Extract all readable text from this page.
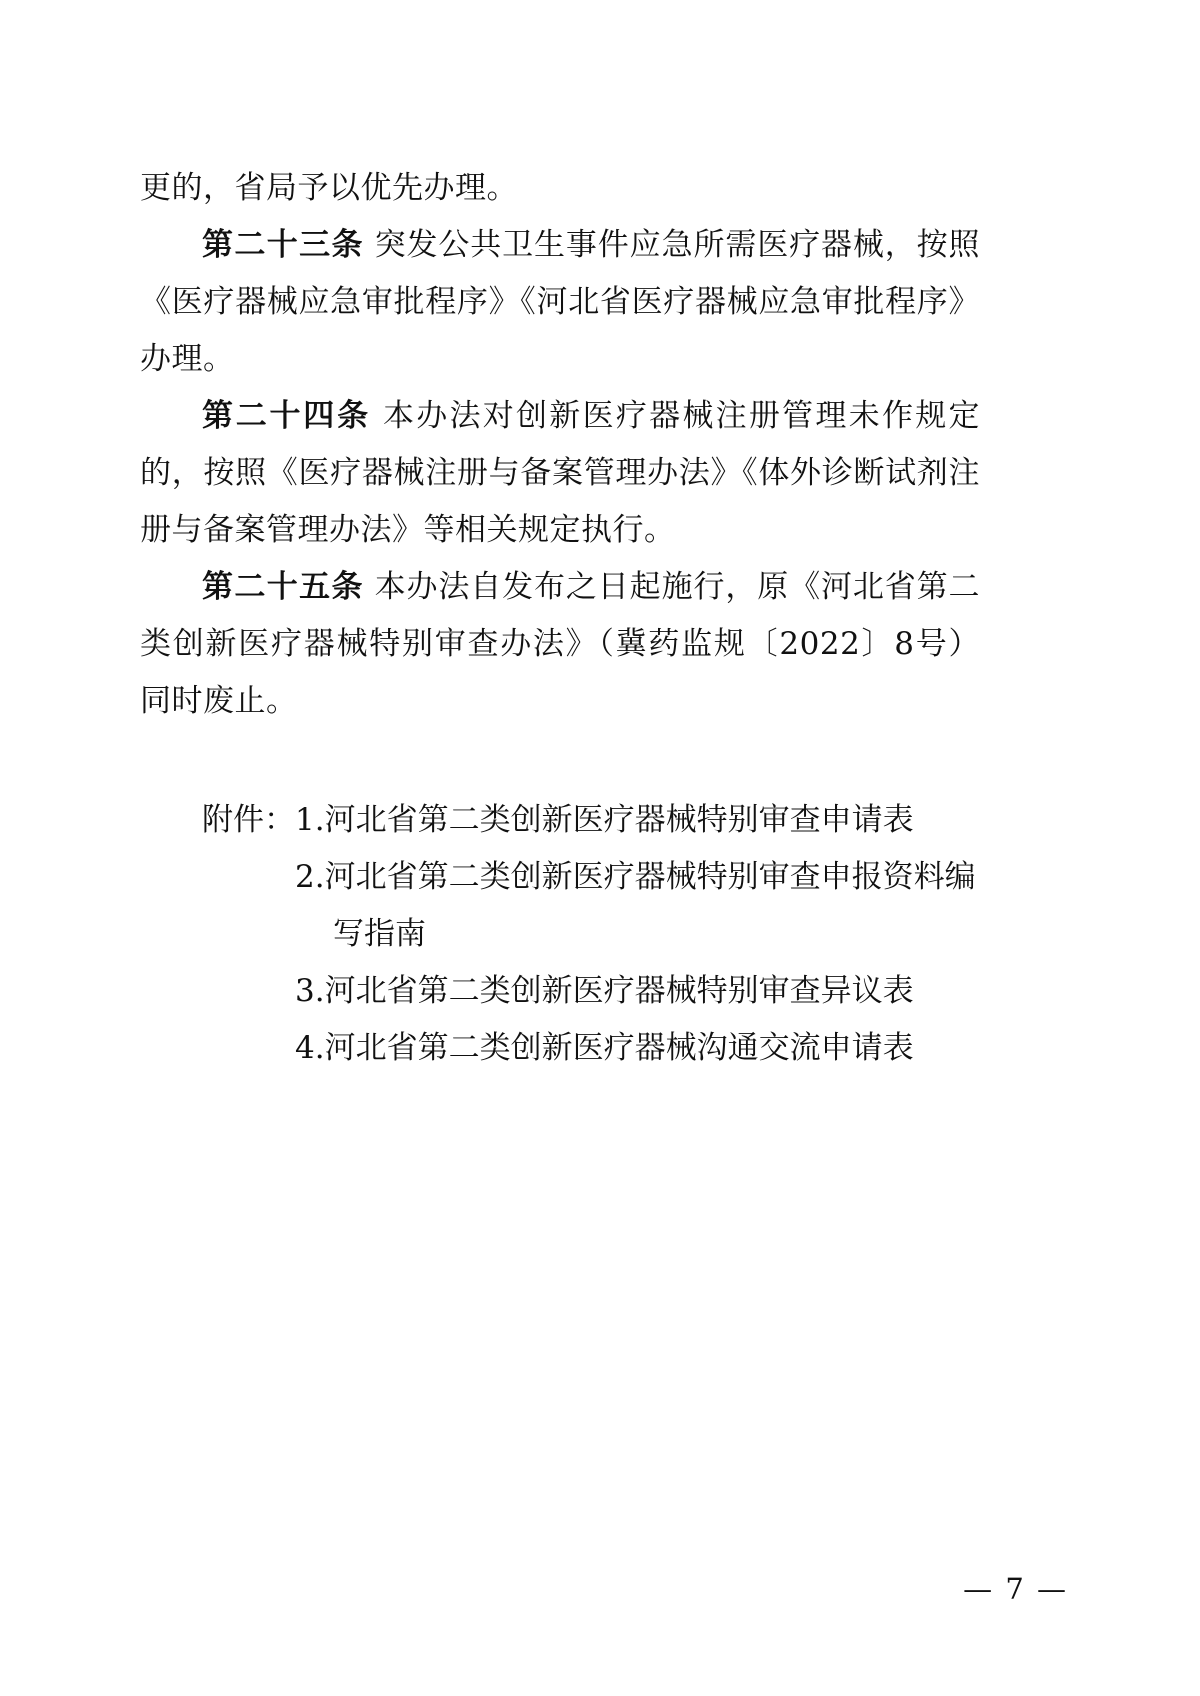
更的，省局予以优先办理。

第二十三条 突发公共卫生事件应急所需医疗器械，按照《医疗器械应急审批程序》《河北省医疗器械应急审批程序》办理。

第二十四条 本办法对创新医疗器械注册管理未作规定的，按照《医疗器械注册与备案管理办法》《体外诊断试剂注册与备案管理办法》等相关规定执行。

第二十五条 本办法自发布之日起施行，原《河北省第二类创新医疗器械特别审查办法》（冀药监规〔2022〕8号）同时废止。

附件： 1.河北省第二类创新医疗器械特别审查申请表
2.河北省第二类创新医疗器械特别审查申报资料编
写指南
3.河北省第二类创新医疗器械特别审查异议表
4.河北省第二类创新医疗器械沟通交流申请表
— 7 —
